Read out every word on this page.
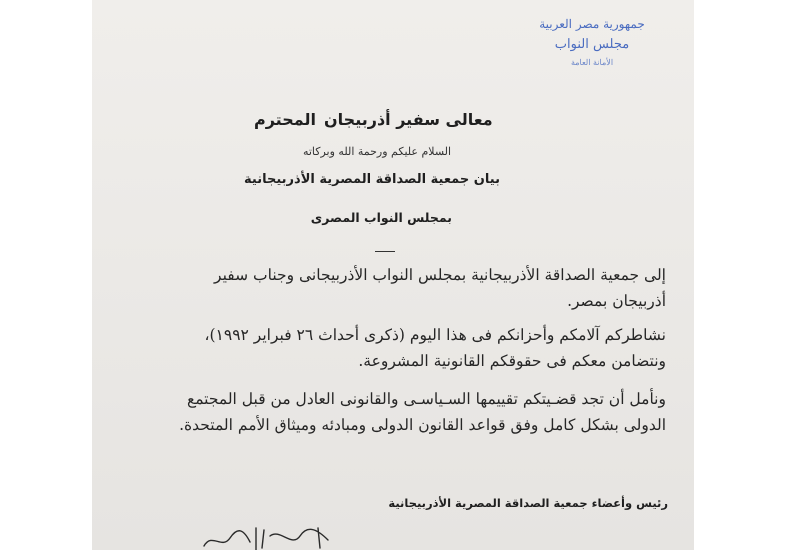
جمهورية مصر العربية
مجلس النواب
الأمانة العامة
معالى سفير أذربيجان
المحترم
السلام عليكم ورحمة الله وبركاته
بيان جمعية الصداقة المصرية الأذربيجانية
بمجلس النواب المصرى
إلى جمعية الصداقة الأذربيجانية بمجلس النواب الأذربيجانى وجناب سفير
أذربيجان بمصر.
نشاطركم آلامكم وأحزانكم فى هذا اليوم (ذكرى أحداث ٢٦ فبراير ١٩٩٢)،
ونتضامن معكم فى حقوقكم القانونية المشروعة.
ونأمل أن تجد قضـيتكم تقييمها السـياسـى والقانونى العادل من قبل المجتمع
الدولى بشكل كامل وفق قواعد القانون الدولى ومبادئه وميثاق الأمم المتحدة.
رئيس وأعضاء جمعية الصداقة المصرية الأذربيجانية
